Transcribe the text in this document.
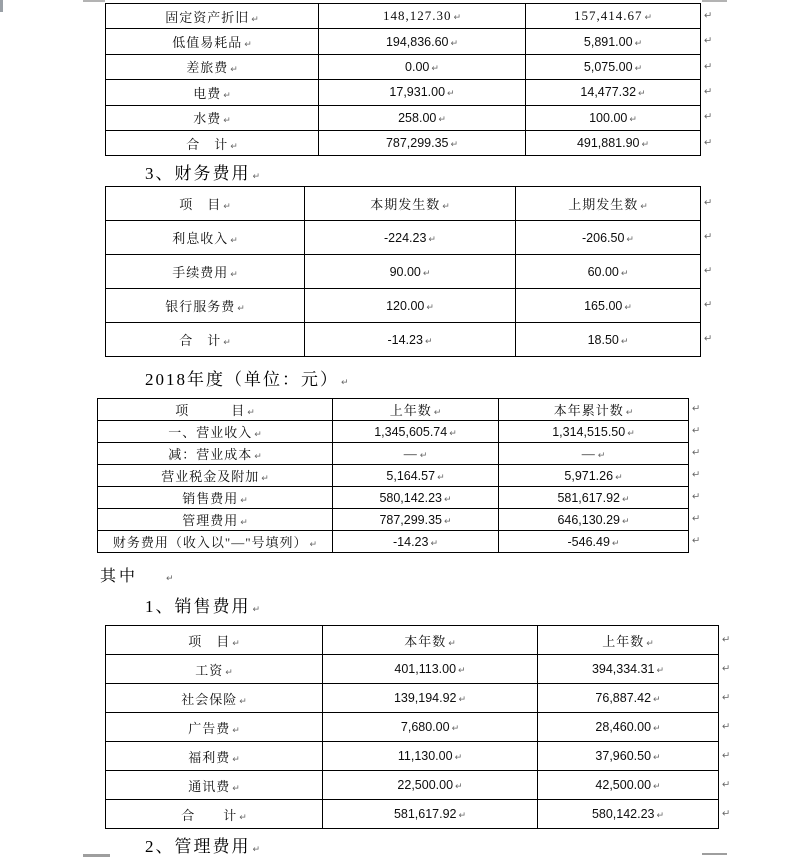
3、财务费用 ↵
2018年度（单位：元） ↵
其中	↵
1、销售费用 ↵
2、管理费用 ↵
↵
↵
↵
↵
↵
↵
固定资产折旧 ↵	148,127.30 ↵	157,414.67 ↵
低值易耗品 ↵	194,836.60 ↵	5,891.00 ↵
差旅费 ↵	0.00 ↵	5,075.00 ↵
电费 ↵	17,931.00 ↵	14,477.32 ↵
水费 ↵	258.00 ↵	100.00 ↵
合　计 ↵	787,299.35 ↵	491,881.90 ↵
↵
↵
↵
↵
↵
项　目 ↵	本期发生数 ↵	上期发生数 ↵
利息收入 ↵	-224.23 ↵	-206.50 ↵
手续费用 ↵	90.00 ↵	60.00 ↵
银行服务费 ↵	120.00 ↵	165.00 ↵
合　计 ↵	-14.23 ↵	18.50 ↵
↵
↵
↵
↵
↵
↵
↵
项　　　目 ↵	上年数 ↵	本年累计数 ↵
一、营业收入 ↵	1,345,605.74 ↵	1,314,515.50 ↵
减：营业成本 ↵	— ↵	— ↵
营业税金及附加 ↵	5,164.57 ↵	5,971.26 ↵
销售费用 ↵	580,142.23 ↵	581,617.92 ↵
管理费用 ↵	787,299.35 ↵	646,130.29 ↵
财务费用（收入以"—"号填列） ↵	-14.23 ↵	-546.49 ↵
↵
↵
↵
↵
↵
↵
↵
项　目 ↵	本年数 ↵	上年数 ↵
工资 ↵	401,113.00 ↵	394,334.31 ↵
社会保险 ↵	139,194.92 ↵	76,887.42 ↵
广告费 ↵	7,680.00 ↵	28,460.00 ↵
福利费 ↵	11,130.00 ↵	37,960.50 ↵
通讯费 ↵	22,500.00 ↵	42,500.00 ↵
合　　计 ↵	581,617.92 ↵	580,142.23 ↵
